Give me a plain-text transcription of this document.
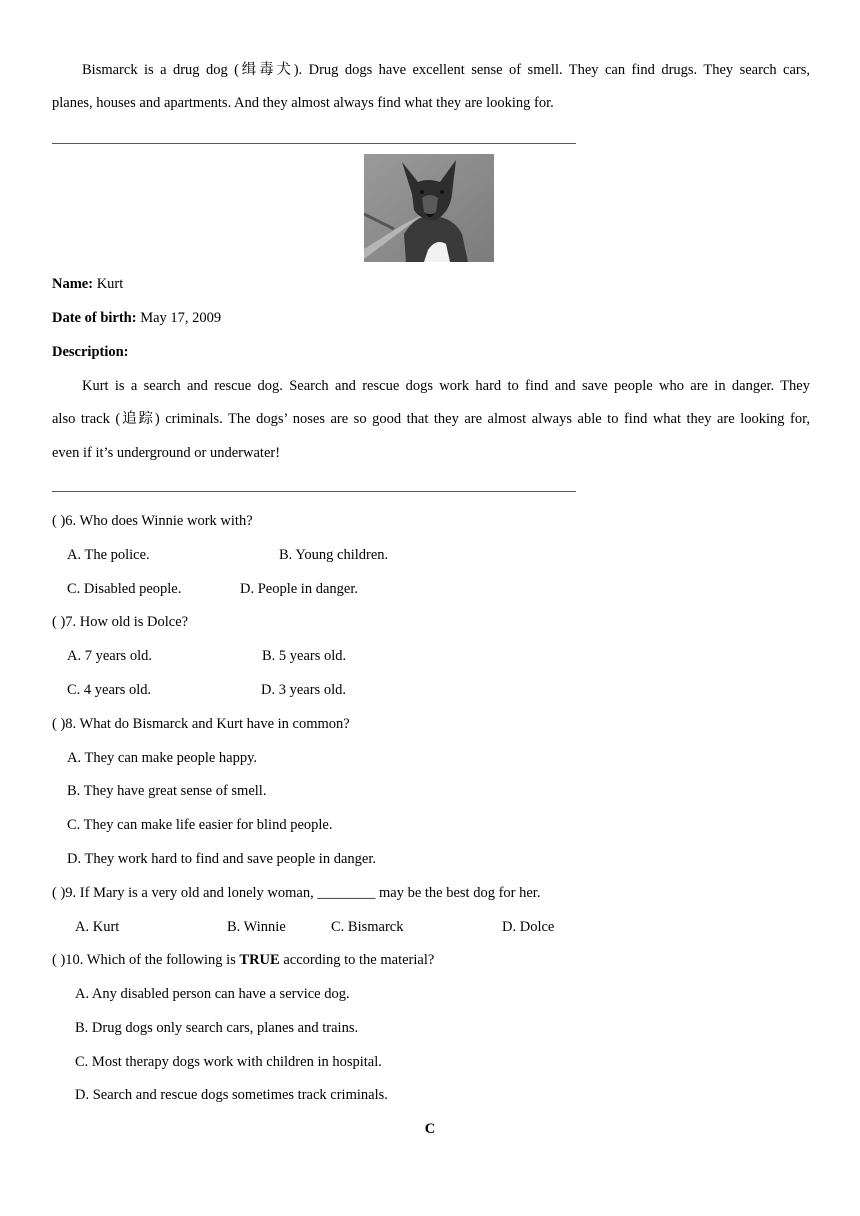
Bismarck is a drug dog (缉毒犬). Drug dogs have excellent sense of smell. They can find drugs. They search cars,
planes, houses and apartments. And they almost always find what they are looking for.
Name: Kurt
Date of birth: May 17, 2009
Description:
Kurt is a search and rescue dog. Search and rescue dogs work hard to find and save people who are in danger. They
also track (追踪) criminals. The dogs’ noses are so good that they are almost always able to find what they are looking for,
even if it’s underground or underwater!
( )6. Who does Winnie work with?
A. The police.	B. Young children.
C. Disabled people.	D. People in danger.
( )7. How old is Dolce?
A. 7 years old.	B. 5 years old.
C. 4 years old.	D. 3 years old.
( )8. What do Bismarck and Kurt have in common?
A. They can make people happy.
B. They have great sense of smell.
C. They can make life easier for blind people.
D. They work hard to find and save people in danger.
( )9. If Mary is a very old and lonely woman, ________ may be the best dog for her.
A. Kurt	B. Winnie	C. Bismarck	D. Dolce
( )10. Which of the following is TRUE according to the material?
A. Any disabled person can have a service dog.
B. Drug dogs only search cars, planes and trains.
C. Most therapy dogs work with children in hospital.
D. Search and rescue dogs sometimes track criminals.
C
